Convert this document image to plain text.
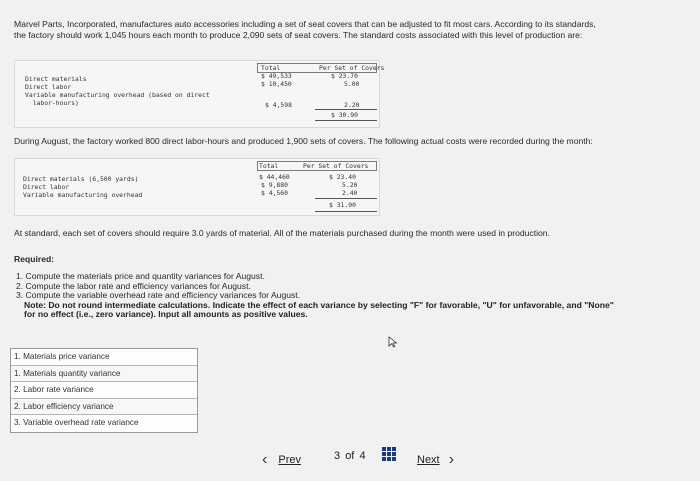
Marvel Parts, Incorporated, manufactures auto accessories including a set of seat covers that can be adjusted to fit most cars. According to its standards,
the factory should work 1,045 hours each month to produce 2,090 sets of seat covers. The standard costs associated with this level of production are:
Total	Per Set of Covers
Direct materials	$ 49,533	$ 23.70
Direct labor	$ 10,450	5.00
Variable manufacturing overhead (based on direct
labor-hours)	$ 4,598	2.20
$ 30.90
During August, the factory worked 800 direct labor-hours and produced 1,900 sets of covers. The following actual costs were recorded during the month:
Total	Per Set of Covers
Direct materials (6,500 yards)	$ 44,460	$ 23.40
Direct labor	$ 9,880	5.20
Variable manufacturing overhead	$ 4,560	2.40
$ 31.00
At standard, each set of covers should require 3.0 yards of material. All of the materials purchased during the month were used in production.
Required:
1. Compute the materials price and quantity variances for August.
2. Compute the labor rate and efficiency variances for August.
3. Compute the variable overhead rate and efficiency variances for August.
Note: Do not round intermediate calculations. Indicate the effect of each variance by selecting "F" for favorable, "U" for unfavorable, and "None"
for no effect (i.e., zero variance). Input all amounts as positive values.
1. Materials price variance
1. Materials quantity variance
2. Labor rate variance
2. Labor efficiency variance
3. Variable overhead rate variance
‹ Prev	3 of 4	Next ›
